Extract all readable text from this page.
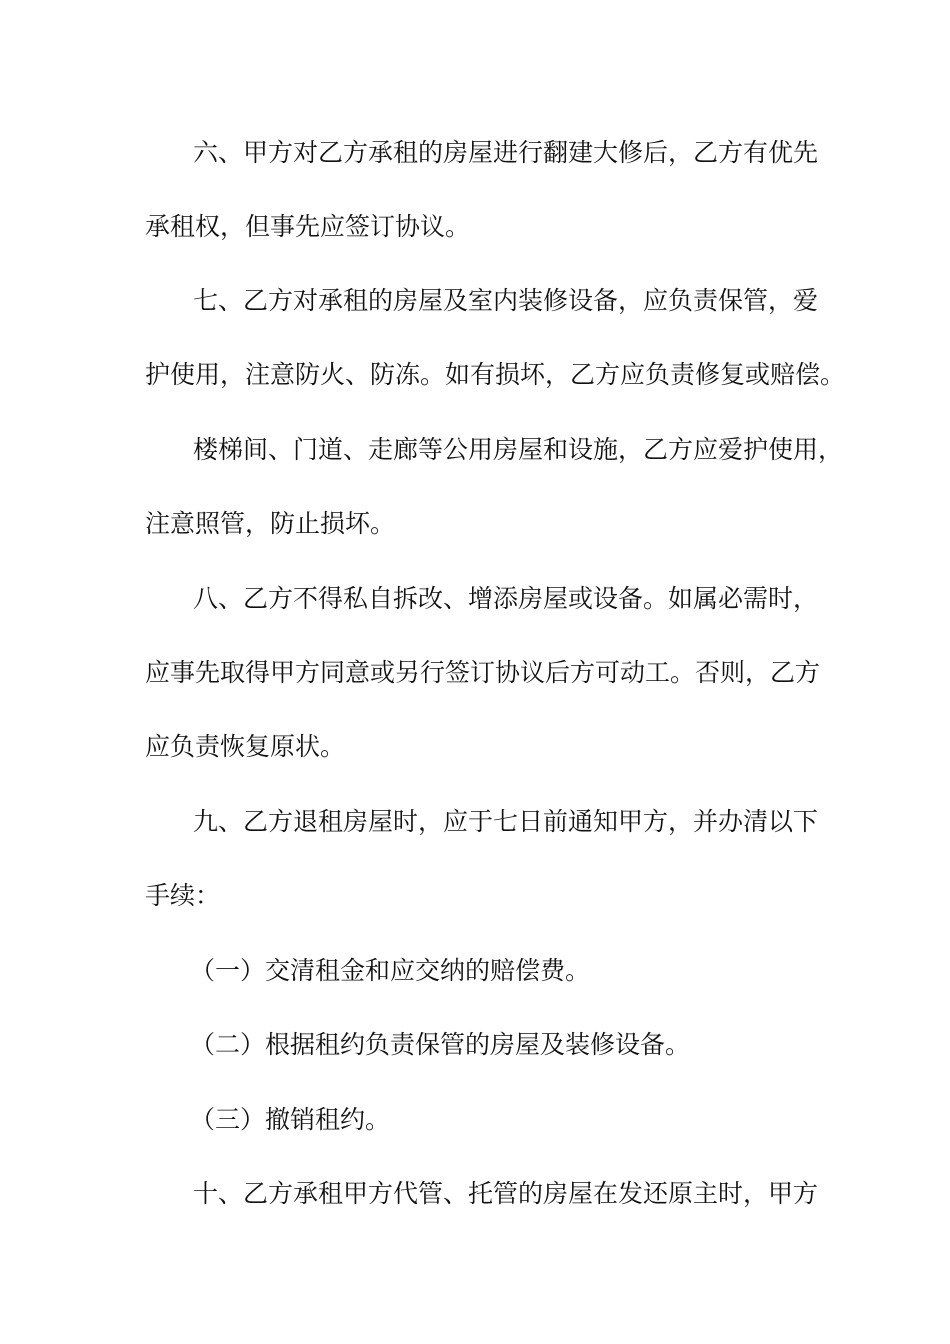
六、甲方对乙方承租的房屋进行翻建大修后，乙方有优先
承租权，但事先应签订协议。
七、乙方对承租的房屋及室内装修设备，应负责保管，爱
护使用，注意防火、防冻。如有损坏，乙方应负责修复或赔偿。
楼梯间、门道、走廊等公用房屋和设施，乙方应爱护使用，
注意照管，防止损坏。
八、乙方不得私自拆改、增添房屋或设备。如属必需时，
应事先取得甲方同意或另行签订协议后方可动工。否则，乙方
应负责恢复原状。
九、乙方退租房屋时，应于七日前通知甲方，并办清以下
手续：
（一）交清租金和应交纳的赔偿费。
（二）根据租约负责保管的房屋及装修设备。
（三）撤销租约。
十、乙方承租甲方代管、托管的房屋在发还原主时，甲方
